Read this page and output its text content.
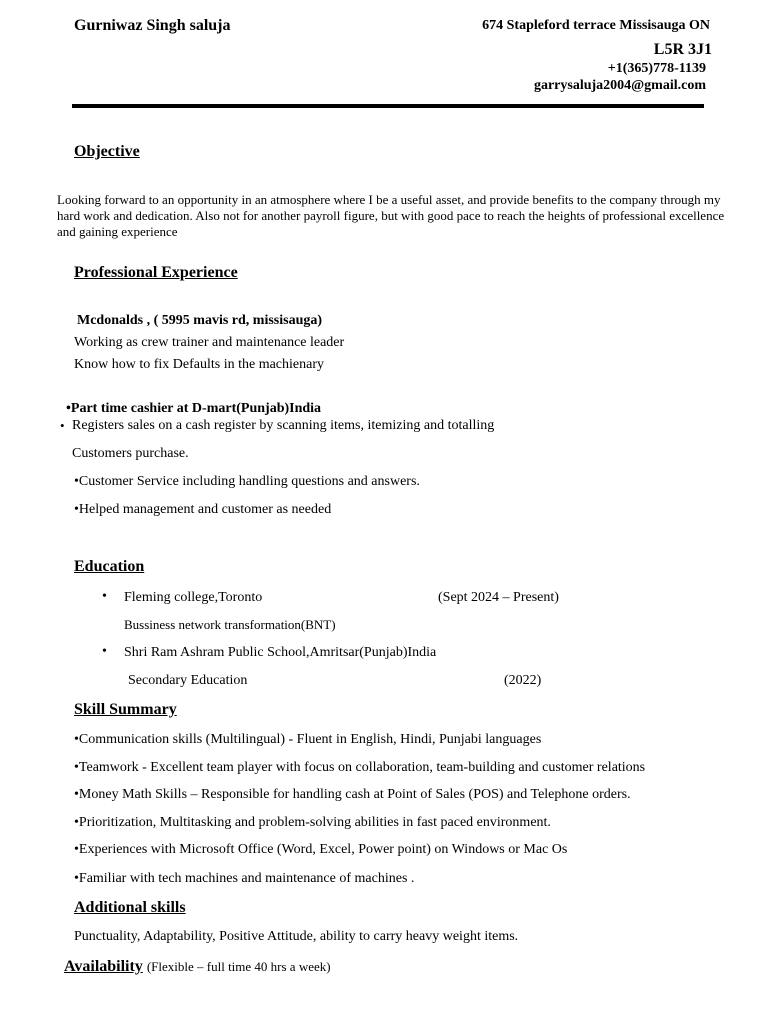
Gurniwaz Singh saluja	674 Stapleford terrace Missisauga ON
L5R 3J1
+1(365)778-1139
garrysaluja2004@gmail.com
Objective
Looking forward to an opportunity in an atmosphere where I be a useful asset, and provide benefits to the company through my hard work and dedication. Also not for another payroll figure, but with good pace to reach the heights of professional excellence and gaining experience
Professional Experience
Mcdonalds , ( 5995 mavis rd, missisauga)
Working as crew trainer and maintenance leader
Know how to fix Defaults in the machienary
•Part time cashier at D-mart(Punjab)India
• Registers sales on a cash register by scanning items, itemizing and totalling
Customers purchase.
•Customer Service including handling questions and answers.
•Helped management and customer as needed
Education
• Fleming college,Toronto	(Sept 2024 – Present)
Bussiness network transformation(BNT)
• Shri Ram Ashram Public School,Amritsar(Punjab)India
Secondary Education	(2022)
Skill Summary
•Communication skills (Multilingual) - Fluent in English, Hindi, Punjabi languages
•Teamwork - Excellent team player with focus on collaboration, team-building and customer relations
•Money Math Skills – Responsible for handling cash at Point of Sales (POS) and Telephone orders.
•Prioritization, Multitasking and problem-solving abilities in fast paced environment.
•Experiences with Microsoft Office (Word, Excel, Power point) on Windows or Mac Os
•Familiar with tech machines and maintenance of machines .
Additional skills
Punctuality, Adaptability, Positive Attitude, ability to carry heavy weight items.
Availability (Flexible – full time 40 hrs a week)
